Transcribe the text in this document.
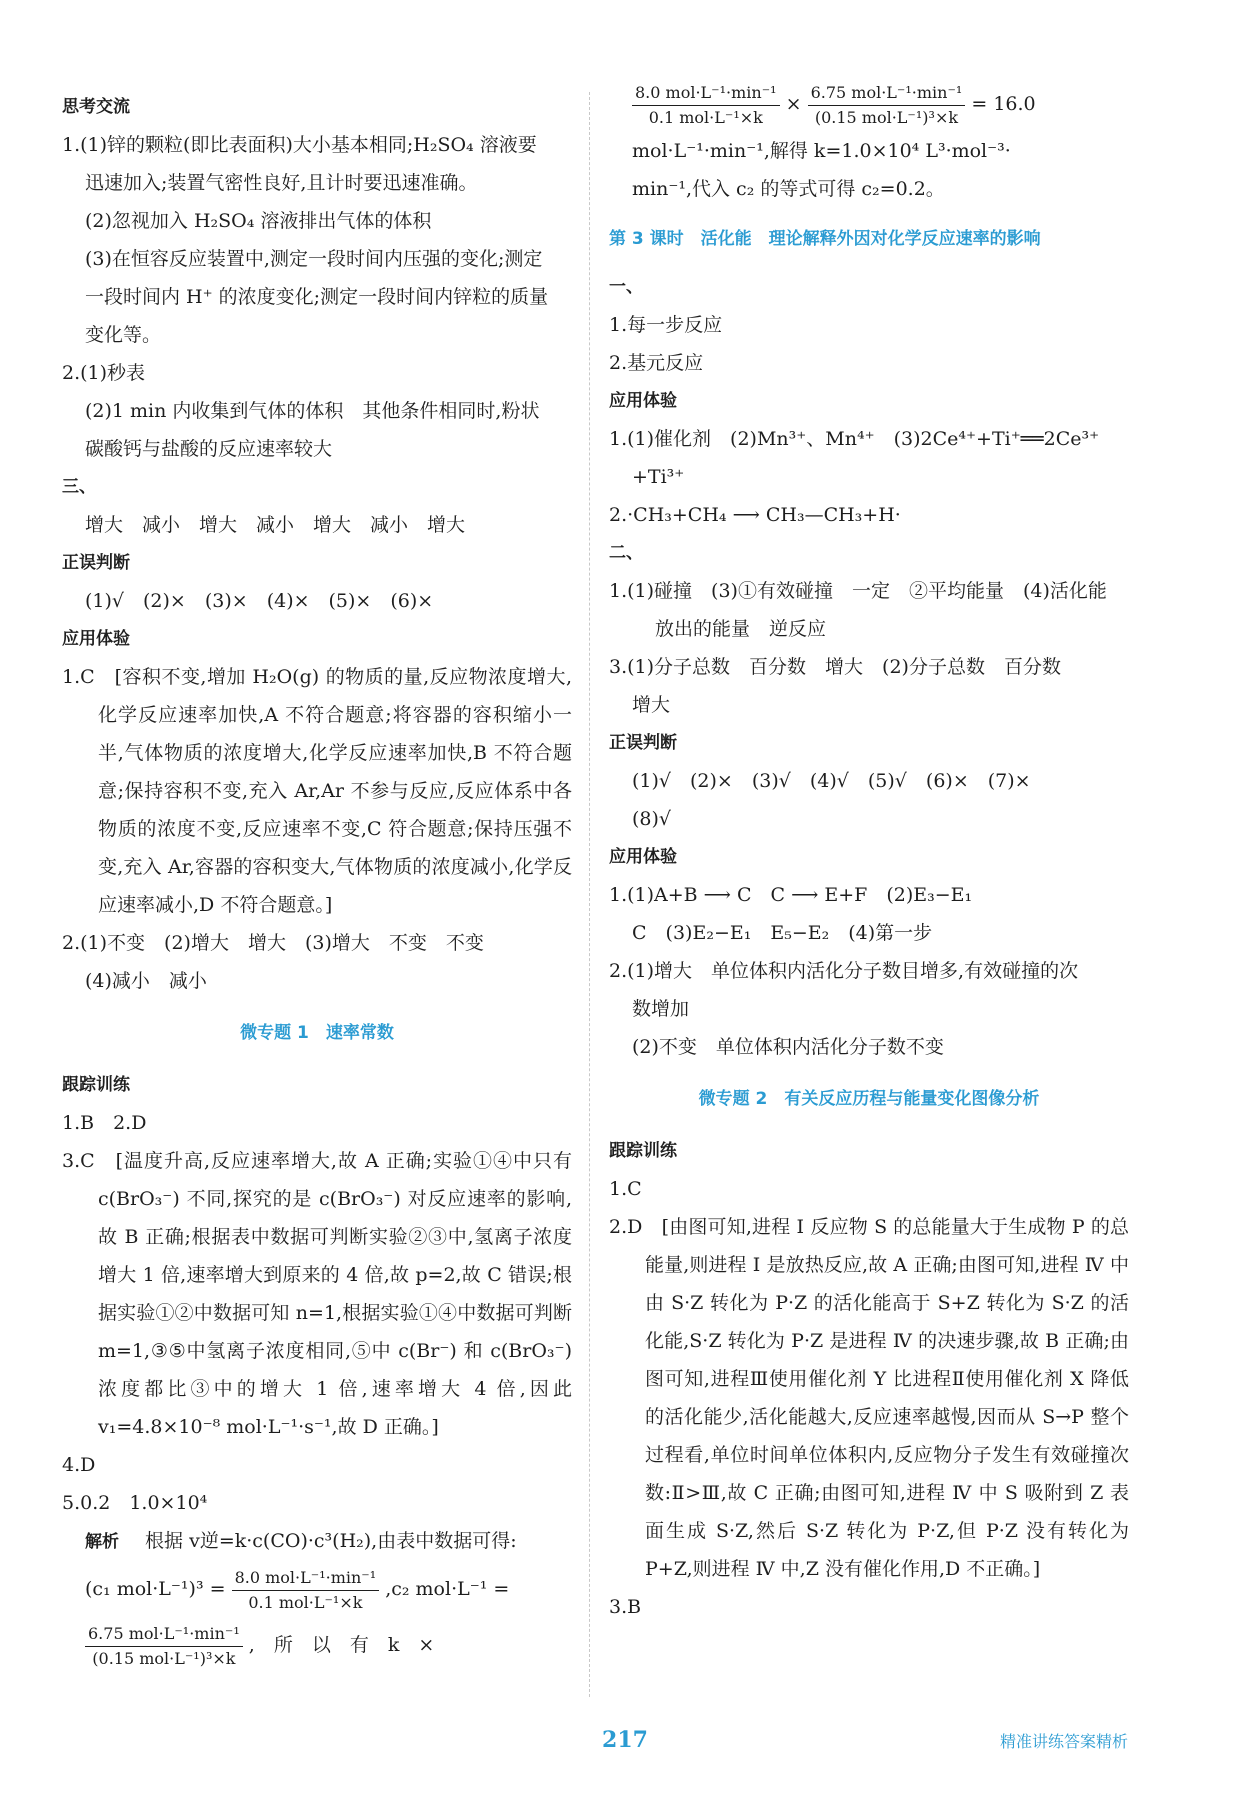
思考交流

1.(1)锌的颗粒(即比表面积)大小基本相同;H₂SO₄ 溶液要

迅速加入;装置气密性良好,且计时要迅速准确。

(2)忽视加入 H₂SO₄ 溶液排出气体的体积

(3)在恒容反应装置中,测定一段时间内压强的变化;测定

一段时间内 H⁺ 的浓度变化;测定一段时间内锌粒的质量

变化等。

2.(1)秒表

(2)1 min 内收集到气体的体积　其他条件相同时,粉状

碳酸钙与盐酸的反应速率较大

三、

增大　减小　增大　减小　增大　减小　增大

正误判断

(1)√　(2)×　(3)×　(4)×　(5)×　(6)×

应用体验

1.C　[容积不变,增加 H₂O(g) 的物质的量,反应物浓度增大,化学反应速率加快,A 不符合题意;将容器的容积缩小一半,气体物质的浓度增大,化学反应速率加快,B 不符合题意;保持容积不变,充入 Ar,Ar 不参与反应,反应体系中各物质的浓度不变,反应速率不变,C 符合题意;保持压强不变,充入 Ar,容器的容积变大,气体物质的浓度减小,化学反应速率减小,D 不符合题意。]

2.(1)不变　(2)增大　增大　(3)增大　不变　不变

(4)减小　减小

微专题 1　速率常数

跟踪训练

1.B　2.D

3.C　[温度升高,反应速率增大,故 A 正确;实验①④中只有 c(BrO₃⁻) 不同,探究的是 c(BrO₃⁻) 对反应速率的影响,故 B 正确;根据表中数据可判断实验②③中,氢离子浓度增大 1 倍,速率增大到原来的 4 倍,故 p=2,故 C 错误;根据实验①②中数据可知 n=1,根据实验①④中数据可判断 m=1,③⑤中氢离子浓度相同,⑤中 c(Br⁻) 和 c(BrO₃⁻) 浓度都比③中的增大 1 倍,速率增大 4 倍,因此 v₁=4.8×10⁻⁸ mol·L⁻¹·s⁻¹,故 D 正确。]

4.D

5.0.2　1.0×10⁴

解析 根据 v逆=k·c(CO)·c³(H₂),由表中数据可得:

(c₁ $mol\cdot L^{-1})^3 = \frac{\text{8.0 mol·L⁻¹·min⁻¹}}{\text{0.1 mol·L⁻¹×k}} ,c_2$ mol·L⁻¹ =

$\frac{\text{6.75 mol·L⁻¹·min⁻¹}}{\text{(0.15 mol·L⁻¹)³×k}}$ ,　所　以　有　k　×

$\frac{\text{8.0 mol·L⁻¹·min⁻¹}}{\text{0.1 mol·L⁻¹×k}} \times \frac{\text{6.75 mol·L⁻¹·min⁻¹}}{\text{(0.15 mol·L⁻¹)³×k}} = 16.0$

mol·L⁻¹·min⁻¹,解得 k=1.0×10⁴ L³·mol⁻³·

min⁻¹,代入 c₂ 的等式可得 c₂=0.2。

第 3 课时　活化能　理论解释外因对化学反应速率的影响

一、

1.每一步反应

2.基元反应

应用体验

1.(1)催化剂　(2)Mn³⁺、Mn⁴⁺　(3)2Ce⁴⁺+Ti⁺══2Ce³⁺

+Ti³⁺

2.·CH₃+CH₄ ⟶ CH₃—CH₃+H·

二、

1.(1)碰撞　(3)①有效碰撞　一定　②平均能量　(4)活化能

放出的能量　逆反应

3.(1)分子总数　百分数　增大　(2)分子总数　百分数

增大

正误判断

(1)√　(2)×　(3)√　(4)√　(5)√　(6)×　(7)×

(8)√

应用体验

1.(1)A+B ⟶ C　C ⟶ E+F　(2)E₃−E₁

C　(3)E₂−E₁　E₅−E₂　(4)第一步

2.(1)增大　单位体积内活化分子数目增多,有效碰撞的次

数增加

(2)不变　单位体积内活化分子数不变

微专题 2　有关反应历程与能量变化图像分析

跟踪训练

1.C

2.D　[由图可知,进程 Ⅰ 反应物 S 的总能量大于生成物 P 的总能量,则进程 Ⅰ 是放热反应,故 A 正确;由图可知,进程 Ⅳ 中由 S·Z 转化为 P·Z 的活化能高于 S+Z 转化为 S·Z 的活化能,S·Z 转化为 P·Z 是进程 Ⅳ 的决速步骤,故 B 正确;由图可知,进程Ⅲ使用催化剂 Y 比进程Ⅱ使用催化剂 X 降低的活化能少,活化能越大,反应速率越慢,因而从 S→P 整个过程看,单位时间单位体积内,反应物分子发生有效碰撞次数:Ⅱ>Ⅲ,故 C 正确;由图可知,进程 Ⅳ 中 S 吸附到 Z 表面生成 S·Z,然后 S·Z 转化为 P·Z,但 P·Z 没有转化为 P+Z,则进程 Ⅳ 中,Z 没有催化作用,D 不正确。]

3.B

217	精准讲练答案精析
